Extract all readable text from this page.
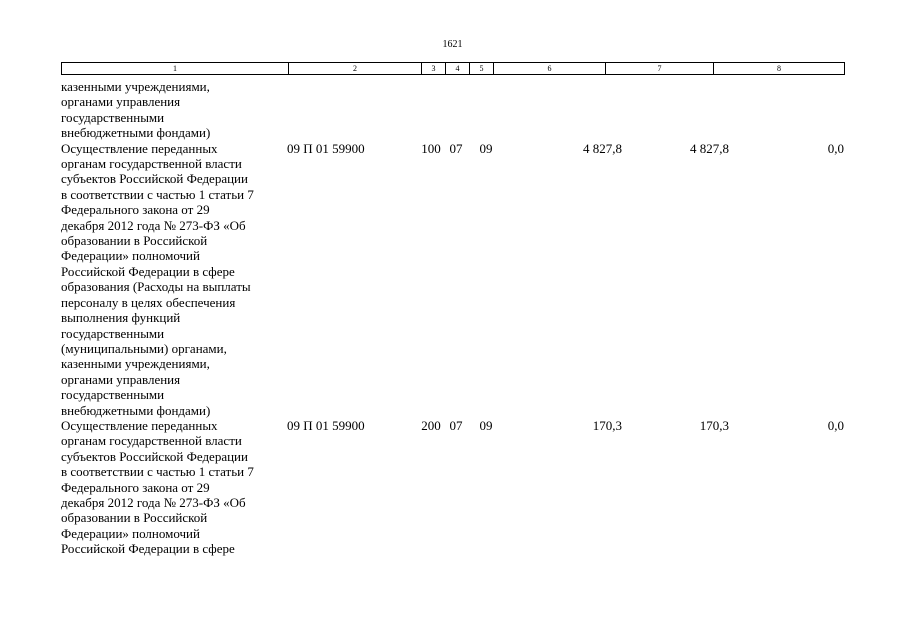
1621
1	2	3	4	5	6	7	8
казенными учреждениями,
органами управления
государственными
внебюджетными фондами)
Осуществление переданных
органам государственной власти
субъектов Российской Федерации
в соответствии с частью 1 статьи 7
Федерального закона от 29
декабря 2012 года № 273-ФЗ «Об
образовании в Российской
Федерации» полномочий
Российской Федерации в сфере
образования (Расходы на выплаты
персоналу в целях обеспечения
выполнения функций
государственными
(муниципальными) органами,
казенными учреждениями,
органами управления
государственными
внебюджетными фондами)
09 П 01 59900	100 07 09	4 827,8	4 827,8	0,0
Осуществление переданных
органам государственной власти
субъектов Российской Федерации
в соответствии с частью 1 статьи 7
Федерального закона от 29
декабря 2012 года № 273-ФЗ «Об
образовании в Российской
Федерации» полномочий
Российской Федерации в сфере
09 П 01 59900	200 07 09	170,3	170,3	0,0
